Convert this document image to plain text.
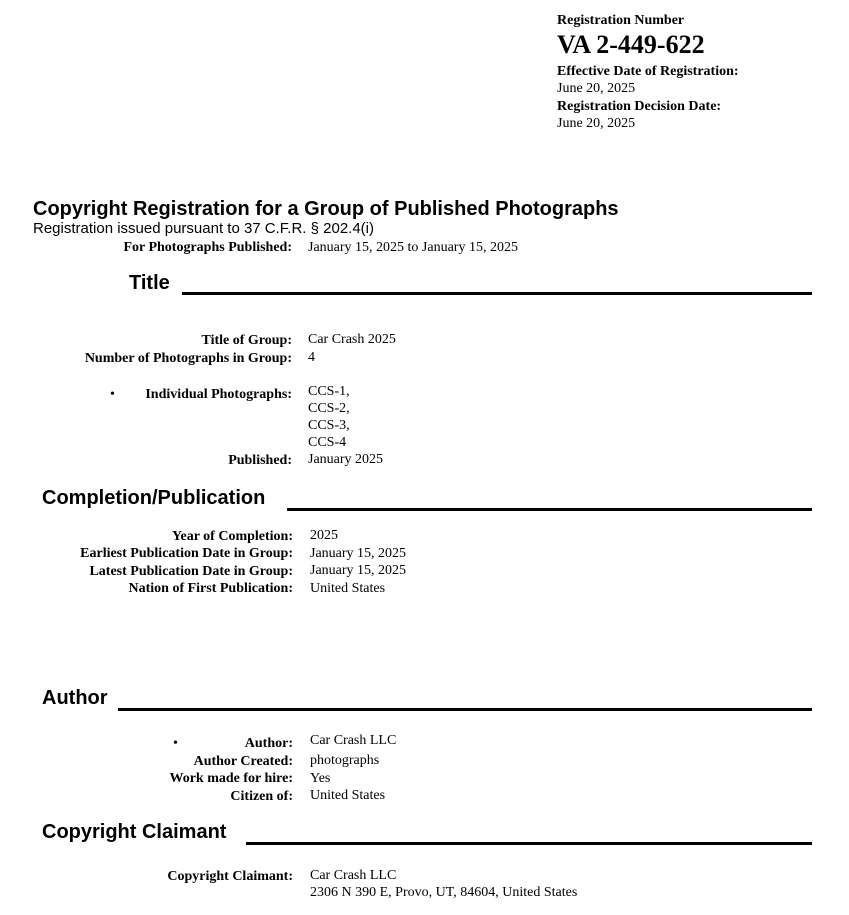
Registration Number
VA 2-449-622
Effective Date of Registration:
June 20, 2025
Registration Decision Date:
June 20, 2025
Copyright Registration for a Group of Published Photographs
Registration issued pursuant to 37 C.F.R. § 202.4(i)
For Photographs Published: January 15, 2025 to January 15, 2025
Title
Title of Group: Car Crash 2025
Number of Photographs in Group: 4
• Individual Photographs: CCS-1,
CCS-2,
CCS-3,
CCS-4
Published: January 2025
Completion/Publication
Year of Completion: 2025
Earliest Publication Date in Group: January 15, 2025
Latest Publication Date in Group: January 15, 2025
Nation of First Publication: United States
Author
•	Author: Car Crash LLC
Author Created: photographs
Work made for hire: Yes
Citizen of: United States
Copyright Claimant
Copyright Claimant: Car Crash LLC
2306 N 390 E, Provo, UT, 84604, United States
